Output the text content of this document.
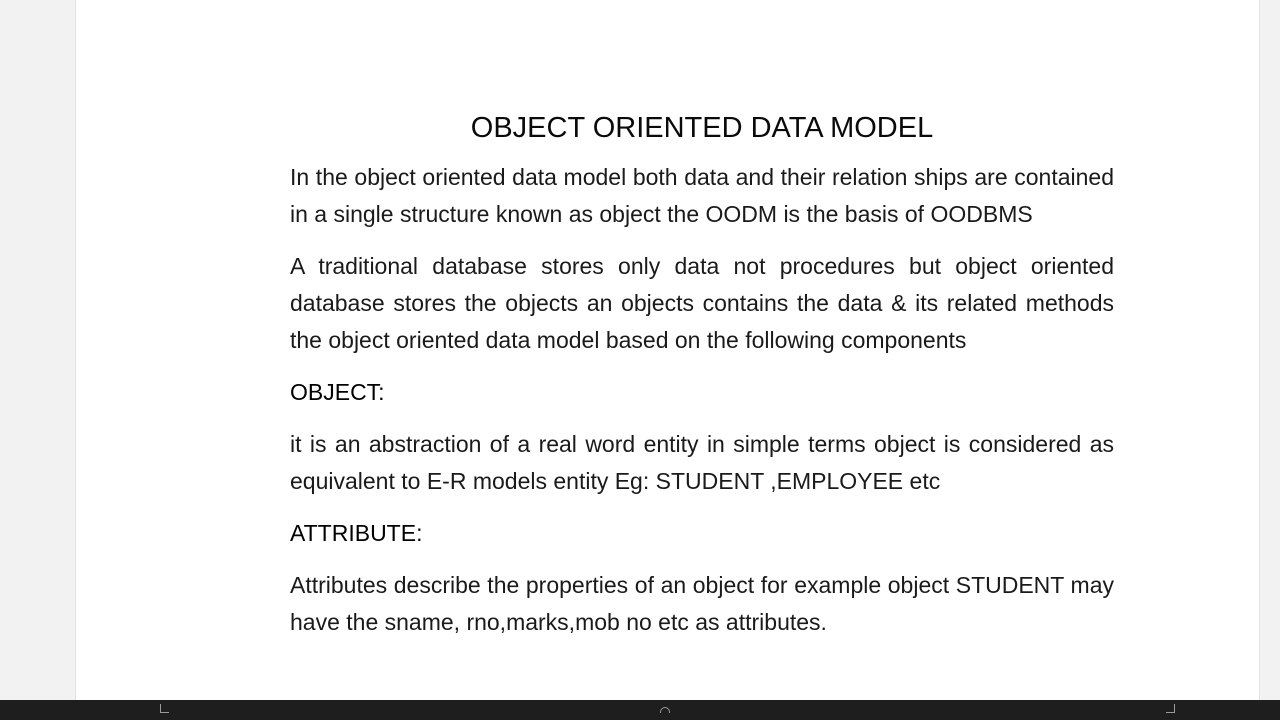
OBJECT ORIENTED DATA MODEL

In the object oriented data model both data and their relation ships are contained in a single structure known as object the OODM is the basis of OODBMS

A traditional database stores only data not procedures but object oriented database stores the objects an objects contains the data & its related methods the object oriented data model based on the following components

OBJECT:

it is an abstraction of a real word entity in simple terms object is considered as equivalent to E-R models entity Eg: STUDENT ,EMPLOYEE etc

ATTRIBUTE:

Attributes describe the properties of an object for example object STUDENT may have the sname, rno,marks,mob no etc as attributes.
